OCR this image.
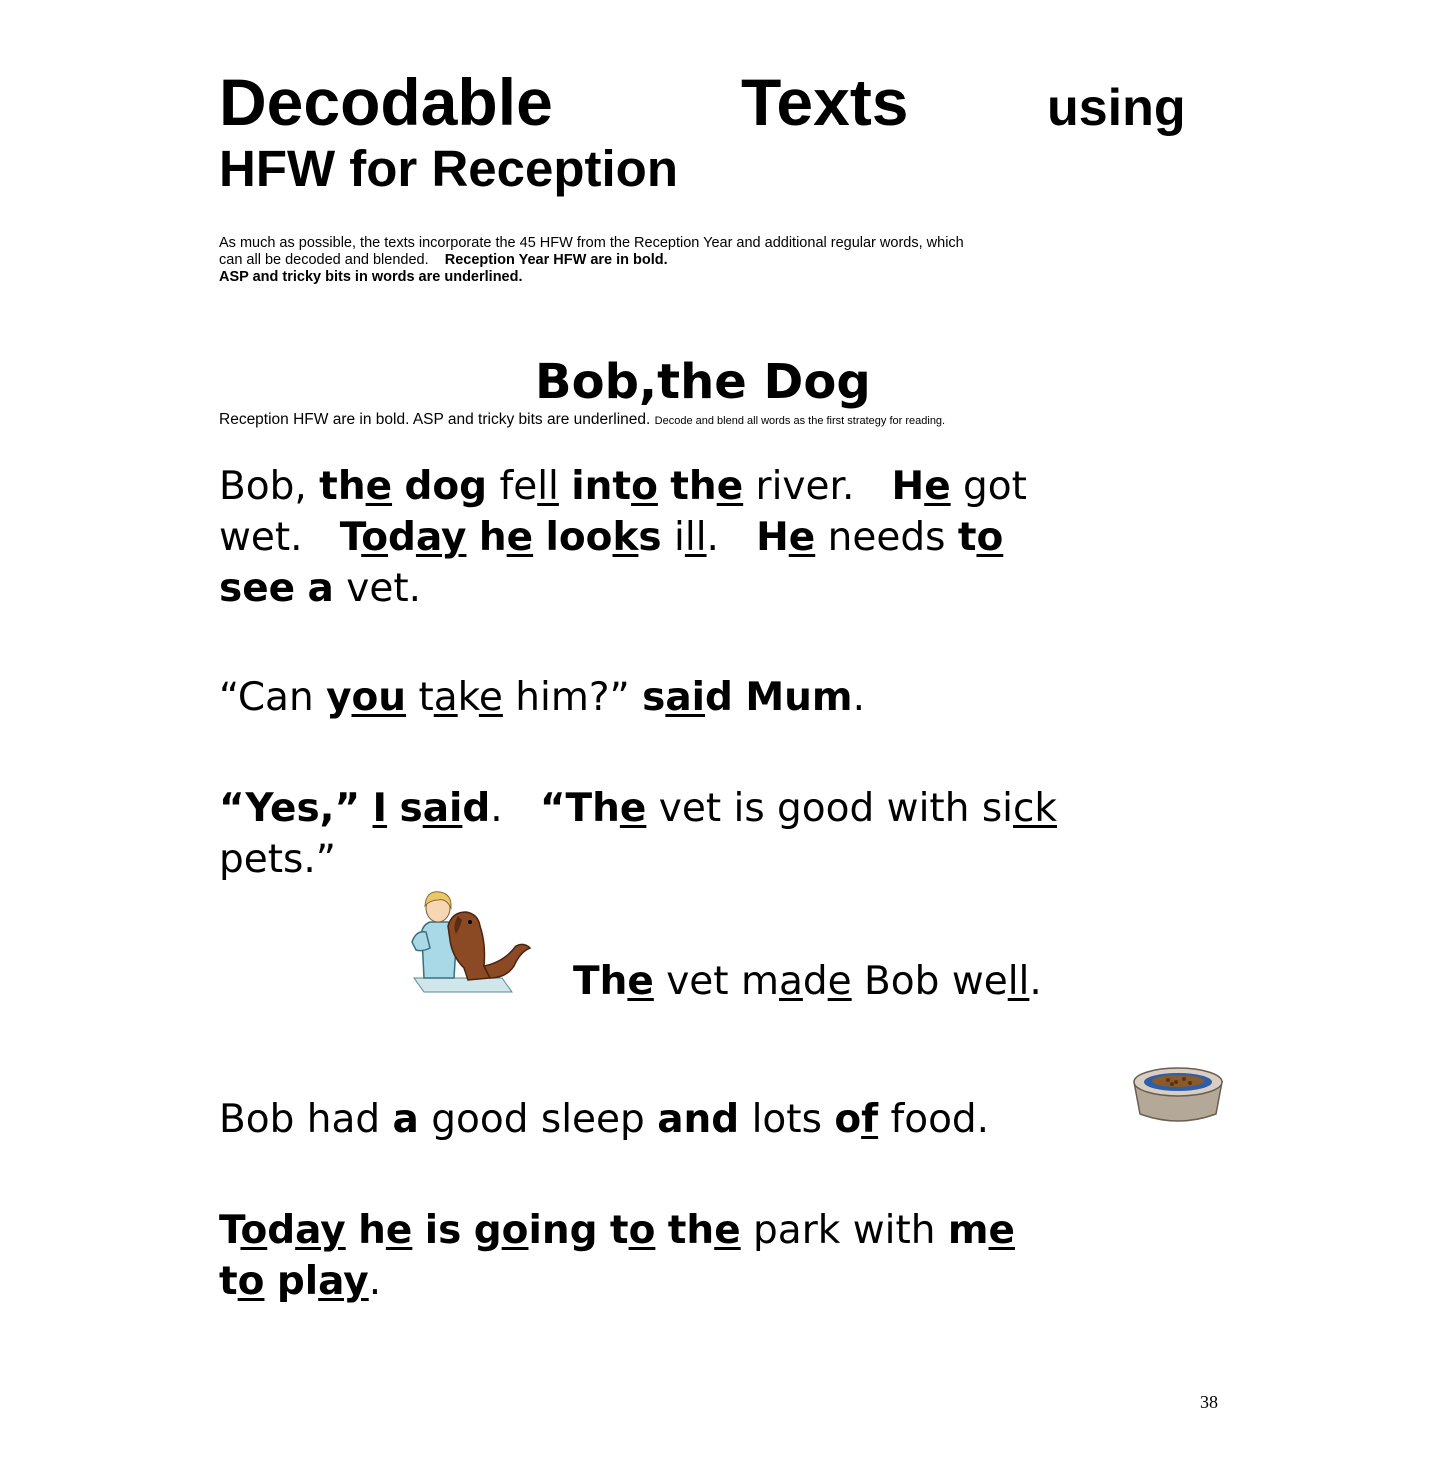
Decodable	Texts	using
HFW for Reception

As much as possible, the texts incorporate the 45 HFW from the Reception Year and additional regular words, which

can all be decoded and blended. Reception Year HFW are in bold.

ASP and tricky bits in words are underlined.

Bob,the Dog
Reception HFW are in bold. ASP and tricky bits are underlined. Decode and blend all words as the first strategy for reading.

Bob, the dog fell into the river.   He got

wet.   Today he looks ill.   He needs to

see a vet.

“Can you take him?” said Mum.

“Yes,” I said.   “The vet is good with sick

pets.”

The vet made Bob well.

Bob had a good sleep and lots of food.

Today he is going to the park with me

to play.

38
